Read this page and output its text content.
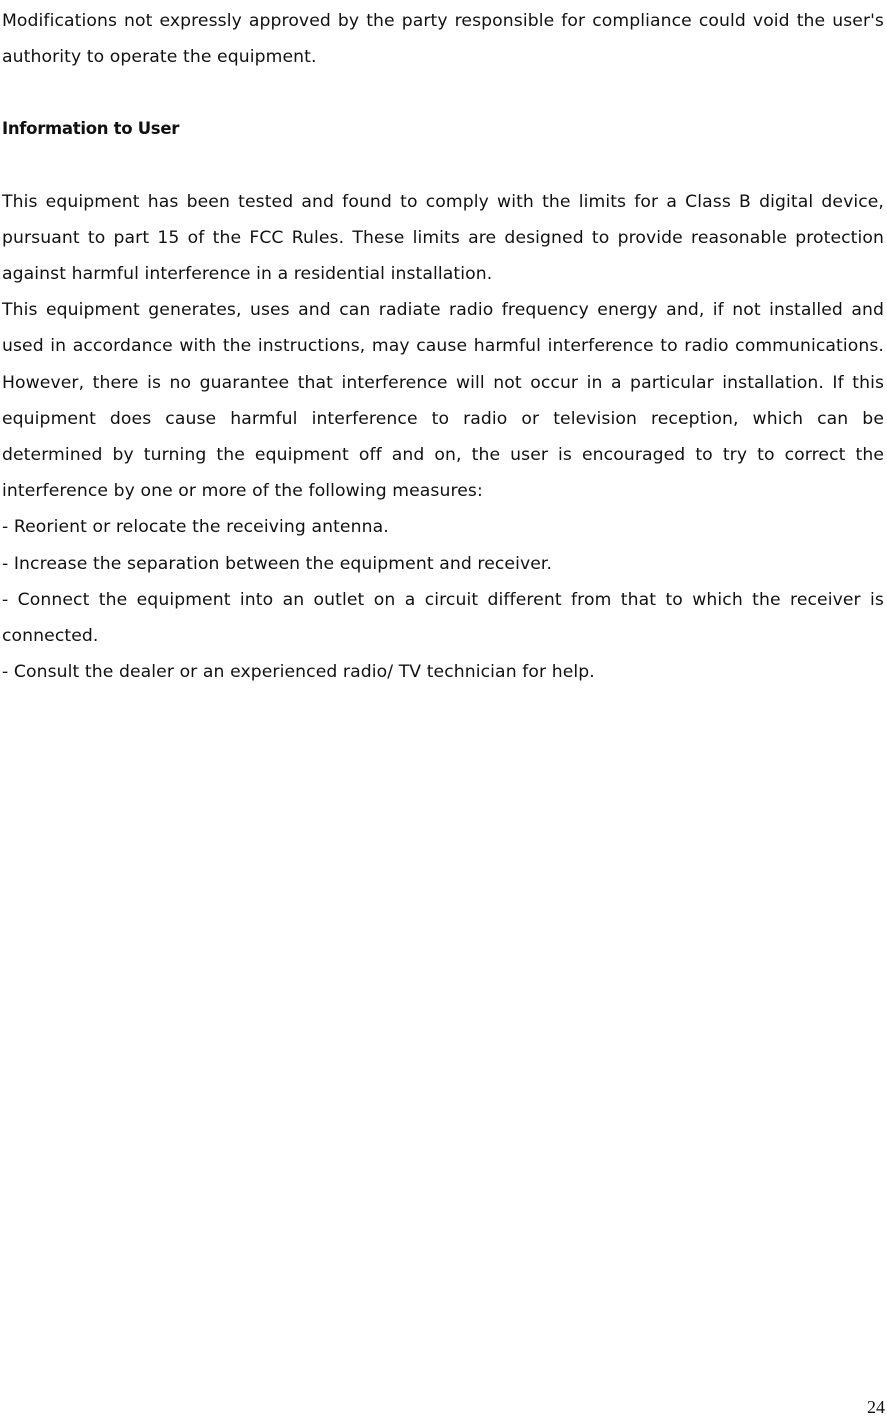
Modifications not expressly approved by the party responsible for compliance could void the user's authority to operate the equipment.

Information to User

This equipment has been tested and found to comply with the limits for a Class B digital device, pursuant to part 15 of the FCC Rules. These limits are designed to provide reasonable protection against harmful interference in a residential installation.

This equipment generates, uses and can radiate radio frequency energy and, if not installed and used in accordance with the instructions, may cause harmful interference to radio communications. However, there is no guarantee that interference will not occur in a particular installation. If this equipment does cause harmful interference to radio or television reception, which can be determined by turning the equipment off and on, the user is encouraged to try to correct the interference by one or more of the following measures:

- Reorient or relocate the receiving antenna.

- Increase the separation between the equipment and receiver.

- Connect the equipment into an outlet on a circuit different from that to which the receiver is connected.

- Consult the dealer or an experienced radio/ TV technician for help.

24
